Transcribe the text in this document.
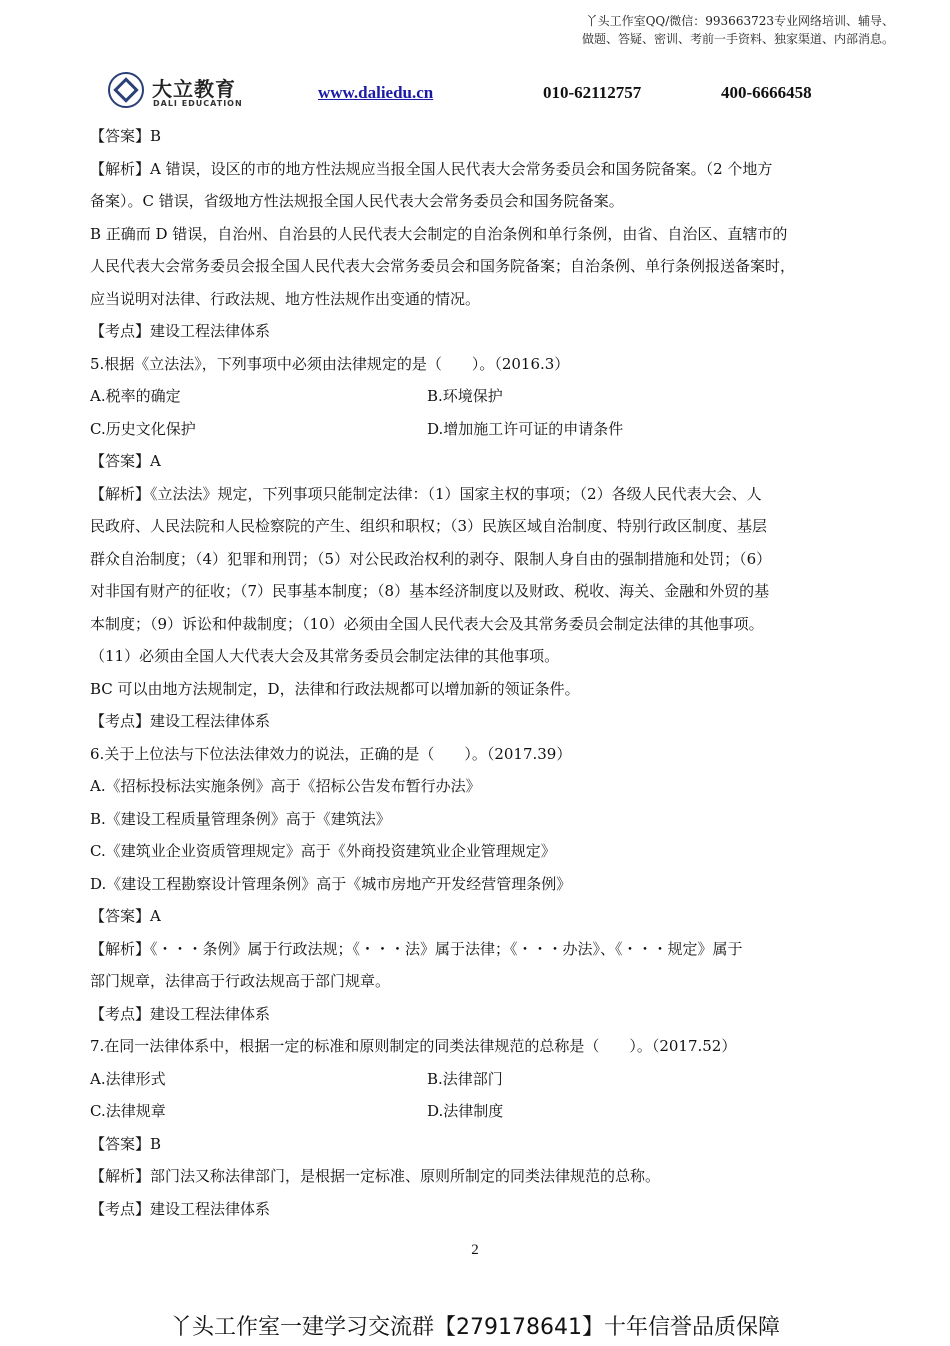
丫头工作室QQ/微信：993663723专业网络培训、辅导、
做题、答疑、密训、考前一手资料、独家渠道、内部消息。
大立教育
DALI EDUCATION
www.daliedu.cn	010-62112757	400-6666458
【答案】B
【解析】A 错误，设区的市的地方性法规应当报全国人民代表大会常务委员会和国务院备案。（2 个地方
备案）。C 错误，省级地方性法规报全国人民代表大会常务委员会和国务院备案。
B 正确而 D 错误，自治州、自治县的人民代表大会制定的自治条例和单行条例，由省、自治区、直辖市的
人民代表大会常务委员会报全国人民代表大会常务委员会和国务院备案；自治条例、单行条例报送备案时，
应当说明对法律、行政法规、地方性法规作出变通的情况。
【考点】建设工程法律体系
5.根据《立法法》，下列事项中必须由法律规定的是（　　）。（2016.3）
A.税率的确定	B.环境保护
C.历史文化保护	D.增加施工许可证的申请条件
【答案】A
【解析】《立法法》规定，下列事项只能制定法律：（1）国家主权的事项；（2）各级人民代表大会、人
民政府、人民法院和人民检察院的产生、组织和职权；（3）民族区域自治制度、特别行政区制度、基层
群众自治制度；（4）犯罪和刑罚；（5）对公民政治权利的剥夺、限制人身自由的强制措施和处罚；（6）
对非国有财产的征收；（7）民事基本制度；（8）基本经济制度以及财政、税收、海关、金融和外贸的基
本制度；（9）诉讼和仲裁制度；（10）必须由全国人民代表大会及其常务委员会制定法律的其他事项。
（11）必须由全国人大代表大会及其常务委员会制定法律的其他事项。
BC 可以由地方法规制定，D，法律和行政法规都可以增加新的领证条件。
【考点】建设工程法律体系
6.关于上位法与下位法法律效力的说法，正确的是（　　）。（2017.39）
A.《招标投标法实施条例》高于《招标公告发布暂行办法》
B.《建设工程质量管理条例》高于《建筑法》
C.《建筑业企业资质管理规定》高于《外商投资建筑业企业管理规定》
D.《建设工程勘察设计管理条例》高于《城市房地产开发经营管理条例》
【答案】A
【解析】《・・・条例》属于行政法规；《・・・法》属于法律；《・・・办法》、《・・・规定》属于
部门规章，法律高于行政法规高于部门规章。
【考点】建设工程法律体系
7.在同一法律体系中，根据一定的标准和原则制定的同类法律规范的总称是（　　）。（2017.52）
A.法律形式	B.法律部门
C.法律规章	D.法律制度
【答案】B
【解析】部门法又称法律部门，是根据一定标准、原则所制定的同类法律规范的总称。
【考点】建设工程法律体系
2
丫头工作室一建学习交流群【279178641】十年信誉品质保障
